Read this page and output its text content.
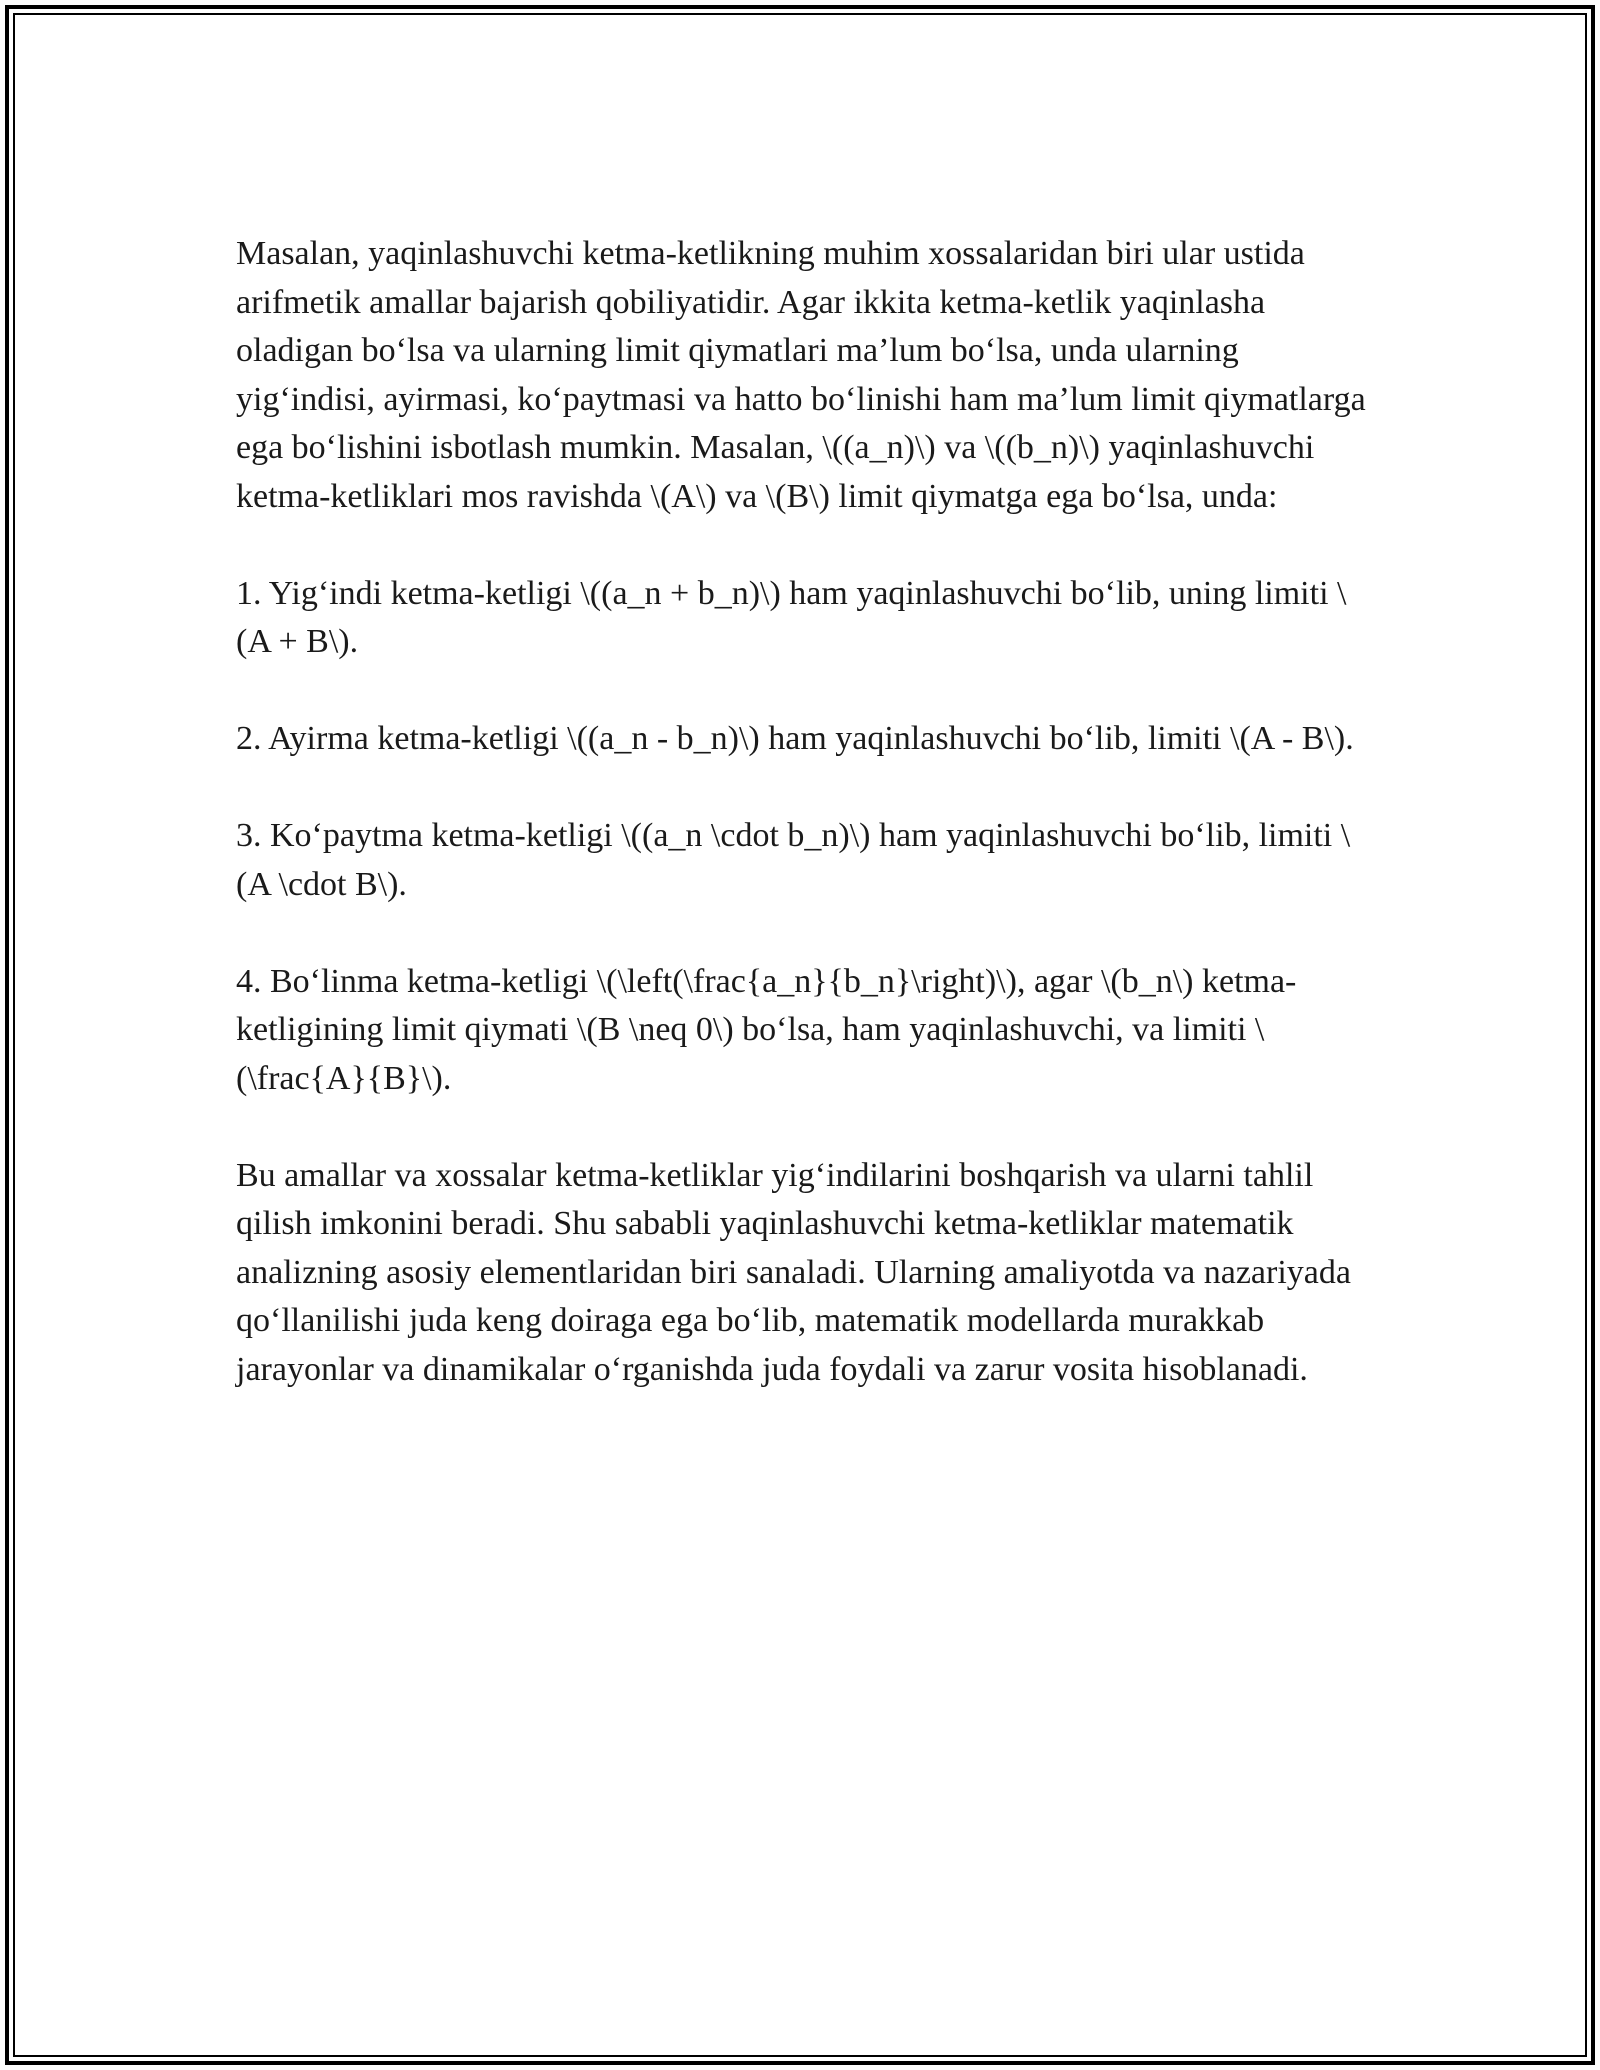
Masalan, yaqinlashuvchi ketma-ketlikning muhim xossalaridan biri ular ustida arifmetik amallar bajarish qobiliyatidir. Agar ikkita ketma-ketlik yaqinlasha oladigan bo‘lsa va ularning limit qiymatlari ma’lum bo‘lsa, unda ularning yig‘indisi, ayirmasi, ko‘paytmasi va hatto bo‘linishi ham ma’lum limit qiymatlarga ega bo‘lishini isbotlash mumkin. Masalan, \((a_n)\) va \((b_n)\) yaqinlashuvchi ketma-ketliklari mos ravishda \(A\) va \(B\) limit qiymatga ega bo‘lsa, unda:

1. Yig‘indi ketma-ketligi \((a_n + b_n)\) ham yaqinlashuvchi bo‘lib, uning limiti \(A + B\).

2. Ayirma ketma-ketligi \((a_n - b_n)\) ham yaqinlashuvchi bo‘lib, limiti \(A - B\).

3. Ko‘paytma ketma-ketligi \((a_n \cdot b_n)\) ham yaqinlashuvchi bo‘lib, limiti \(A \cdot B\).

4. Bo‘linma ketma-ketligi \(\left(\frac{a_n}{b_n}\right)\), agar \(b_n\) ketma-ketligining limit qiymati \(B \neq 0\) bo‘lsa, ham yaqinlashuvchi, va limiti \(\frac{A}{B}\).

Bu amallar va xossalar ketma-ketliklar yig‘indilarini boshqarish va ularni tahlil qilish imkonini beradi. Shu sababli yaqinlashuvchi ketma-ketliklar matematik analizning asosiy elementlaridan biri sanaladi. Ularning amaliyotda va nazariyada qo‘llanilishi juda keng doiraga ega bo‘lib, matematik modellarda murakkab jarayonlar va dinamikalar o‘rganishda juda foydali va zarur vosita hisoblanadi.
